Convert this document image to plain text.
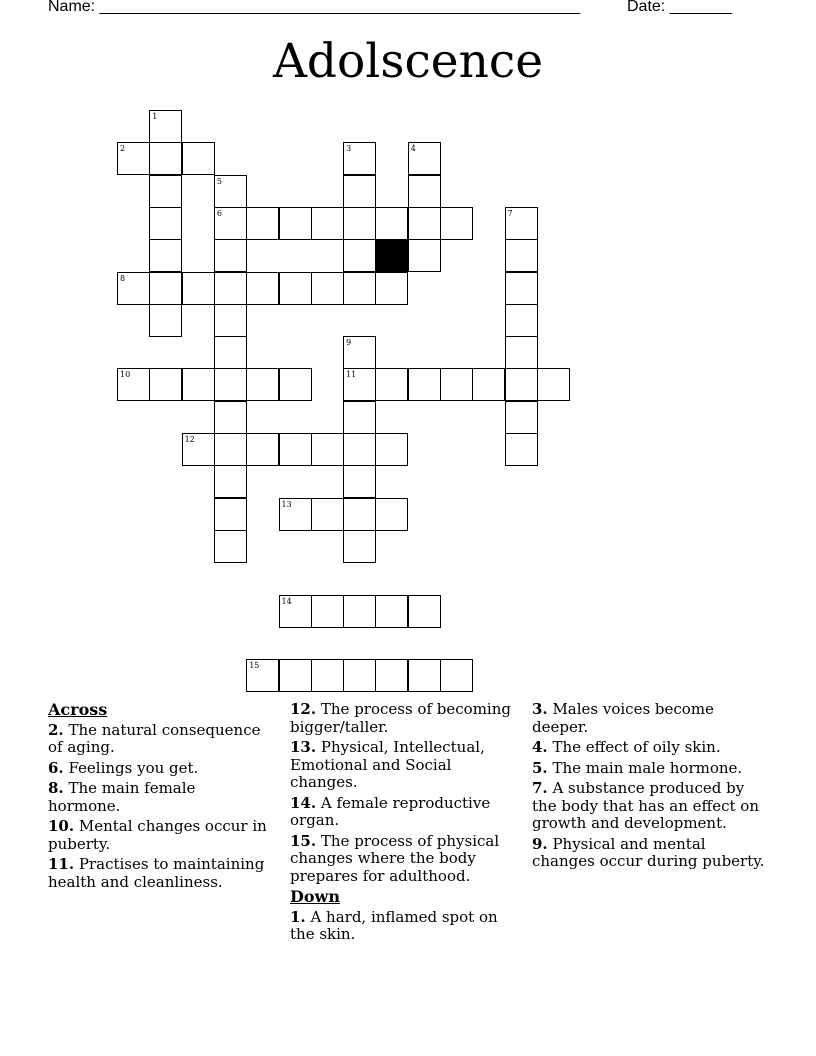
Name: ______________________________________________________	Date: _______
Adolscence
1
2	3	4
5
6	7
8
9
10	11
12
13
14
15
Across
2. The natural consequence of aging.
6. Feelings you get.
8. The main female hormone.
10. Mental changes occur in puberty.
11. Practises to maintaining health and cleanliness.
12. The process of becoming bigger/taller.
13. Physical, Intellectual, Emotional and Social changes.
14. A female reproductive organ.
15. The process of physical changes where the body prepares for adulthood.
Down
1. A hard, inflamed spot on the skin.
3. Males voices become deeper.
4. The effect of oily skin.
5. The main male hormone.
7. A substance produced by the body that has an effect on growth and development.
9. Physical and mental changes occur during puberty.
